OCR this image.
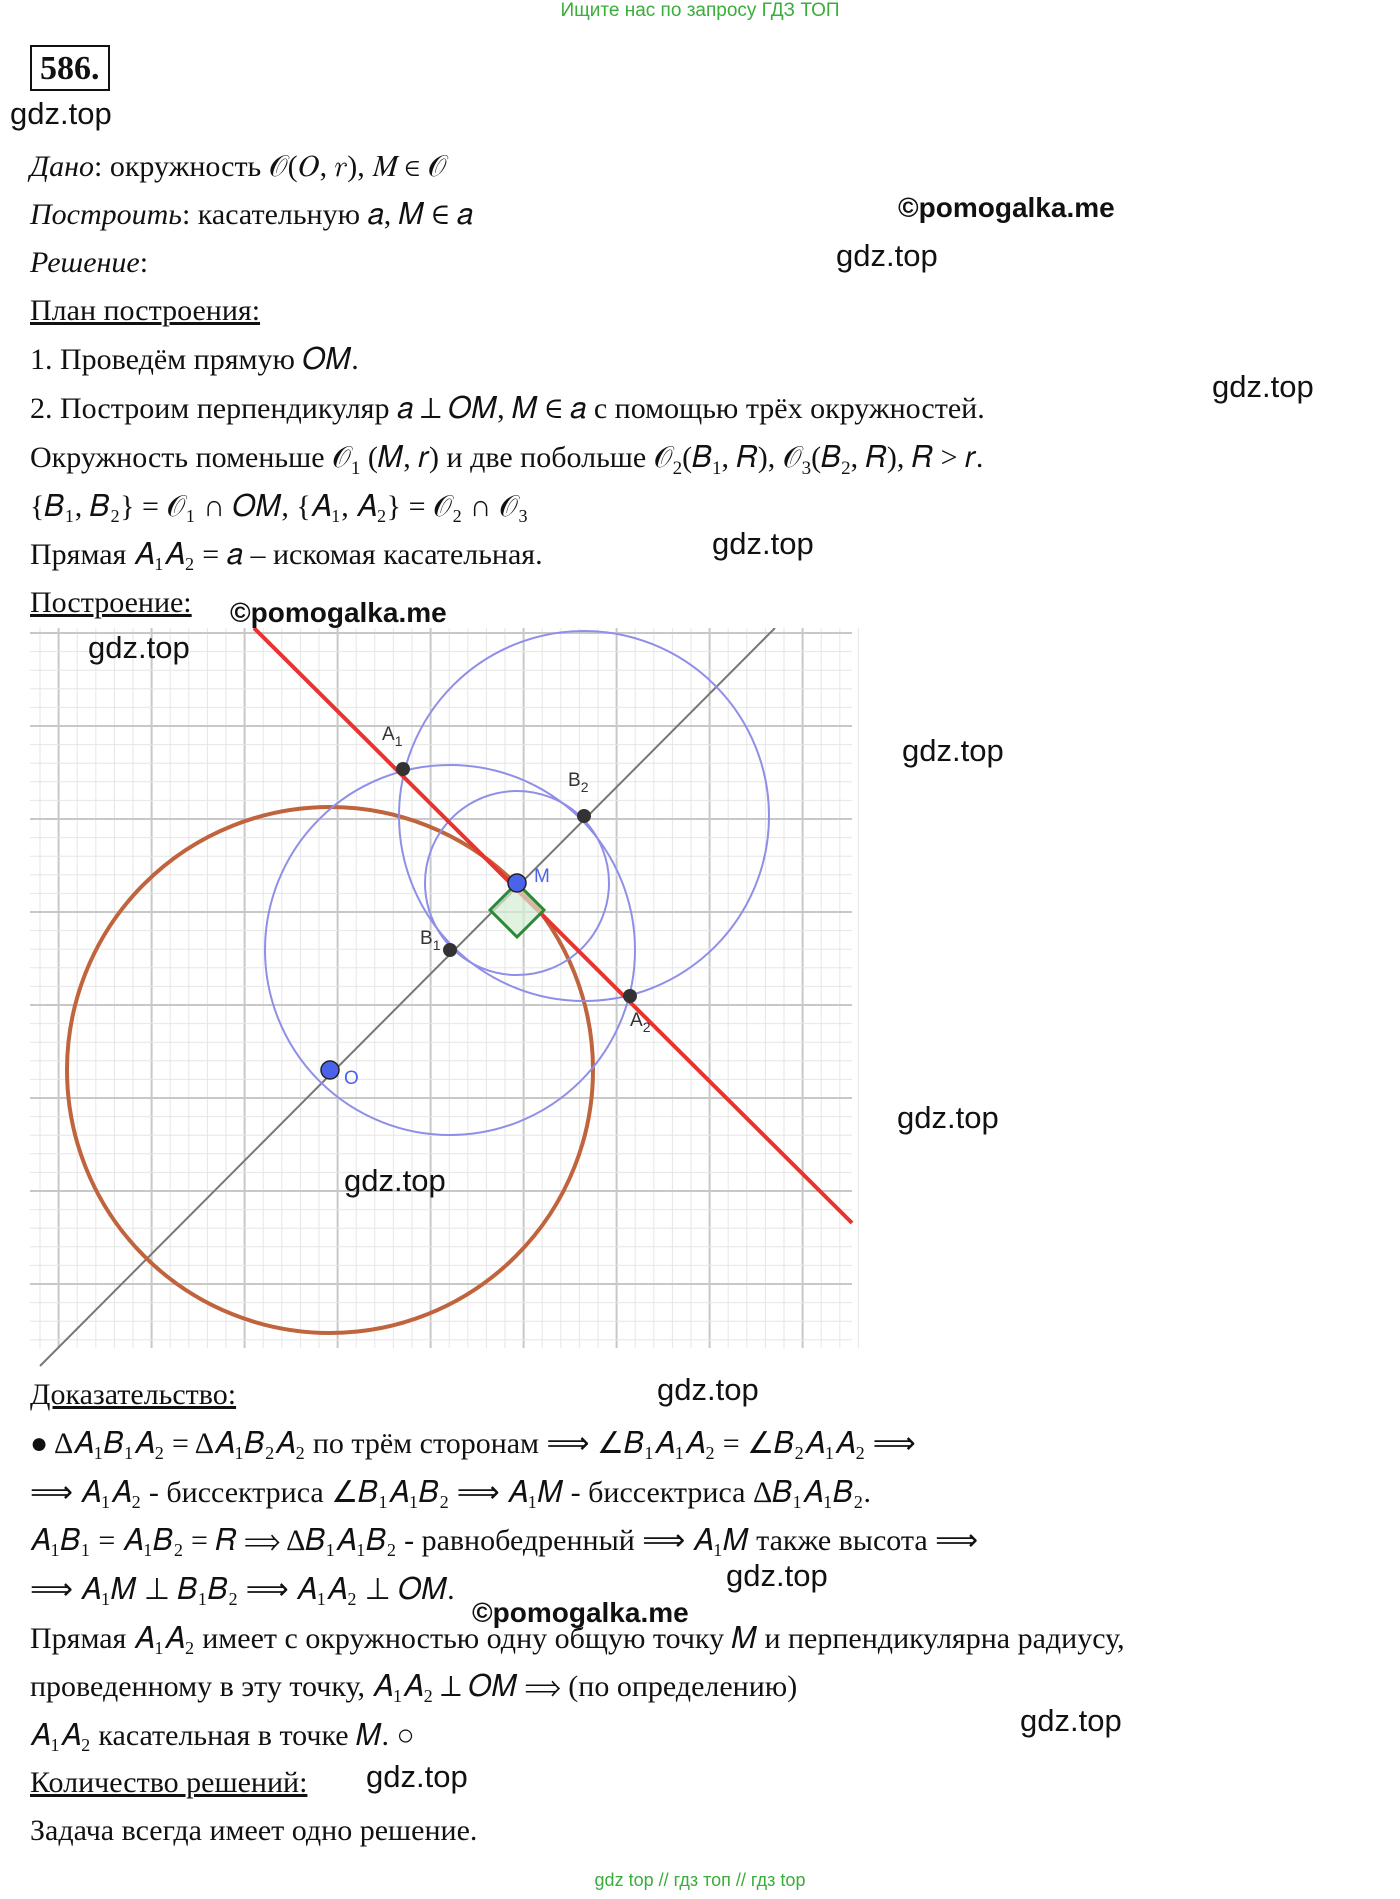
Ищите нас по запросу ГДЗ ТОП
586.
gdz.top
Дано: окружность 𝒪(𝑂, 𝑟), 𝑀 ∈ 𝒪
Построить: касательную 𝑎, 𝑀 ∈ 𝑎	©pomogalka.me
gdz.top
Решение:
План построения:
1. Проведём прямую 𝑂𝑀.
gdz.top
2. Построим перпендикуляр 𝑎 ⊥ 𝑂𝑀, 𝑀 ∈ 𝑎 с помощью трёх окружностей.
Окружность поменьше 𝒪$_1$ (𝑀, 𝑟) и две побольше 𝒪$_2$(𝐵$_1$, 𝑅), 𝒪$_3$(𝐵$_2$, 𝑅), 𝑅 > 𝑟.
{𝐵₁, 𝐵₂} = 𝒪₁ ∩ 𝑂𝑀, {𝐴₁, 𝐴₂} = 𝒪₂ ∩ 𝒪₃
gdz.top
Прямая 𝐴₁𝐴₂ = 𝑎 – искомая касательная.
Построение: ©pomogalka.me
$A_1$
$B_2$
$B_1$
$A_2$
M
O
gdz.top
gdz.top
gdz.top
gdz.top
Доказательство:	gdz.top
● Δ𝐴₁𝐵₁𝐴₂ = Δ𝐴₁𝐵₂𝐴₂ по трём сторонам ⟹ ∠𝐵₁𝐴₁𝐴₂ = ∠𝐵₂𝐴₁𝐴₂ ⟹
⟹ 𝐴₁𝐴₂ - биссектриса ∠𝐵₁𝐴₁𝐵₂ ⟹ 𝐴₁𝑀 - биссектриса Δ𝐵₁𝐴₁𝐵₂.
𝐴₁𝐵₁ = 𝐴₁𝐵₂ = 𝑅 ⟹ Δ𝐵₁𝐴₁𝐵₂ - равнобедренный ⟹ 𝐴₁𝑀 также высота ⟹
⟹ 𝐴₁𝑀 ⊥ 𝐵₁𝐵₂ ⟹ 𝐴₁𝐴₂ ⊥ 𝑂𝑀.	gdz.top
©pomogalka.me
Прямая 𝐴₁𝐴₂ имеет с окружностью одну общую точку 𝑀 и перпендикулярна радиусу,
проведенному в эту точку, 𝐴₁𝐴₂ ⊥ 𝑂𝑀 ⟹ (по определению)
𝐴₁𝐴₂ касательная в точке 𝑀. ○	gdz.top
Количество решений: gdz.top
Задача всегда имеет одно решение.
gdz top // гдз топ // гдз top
